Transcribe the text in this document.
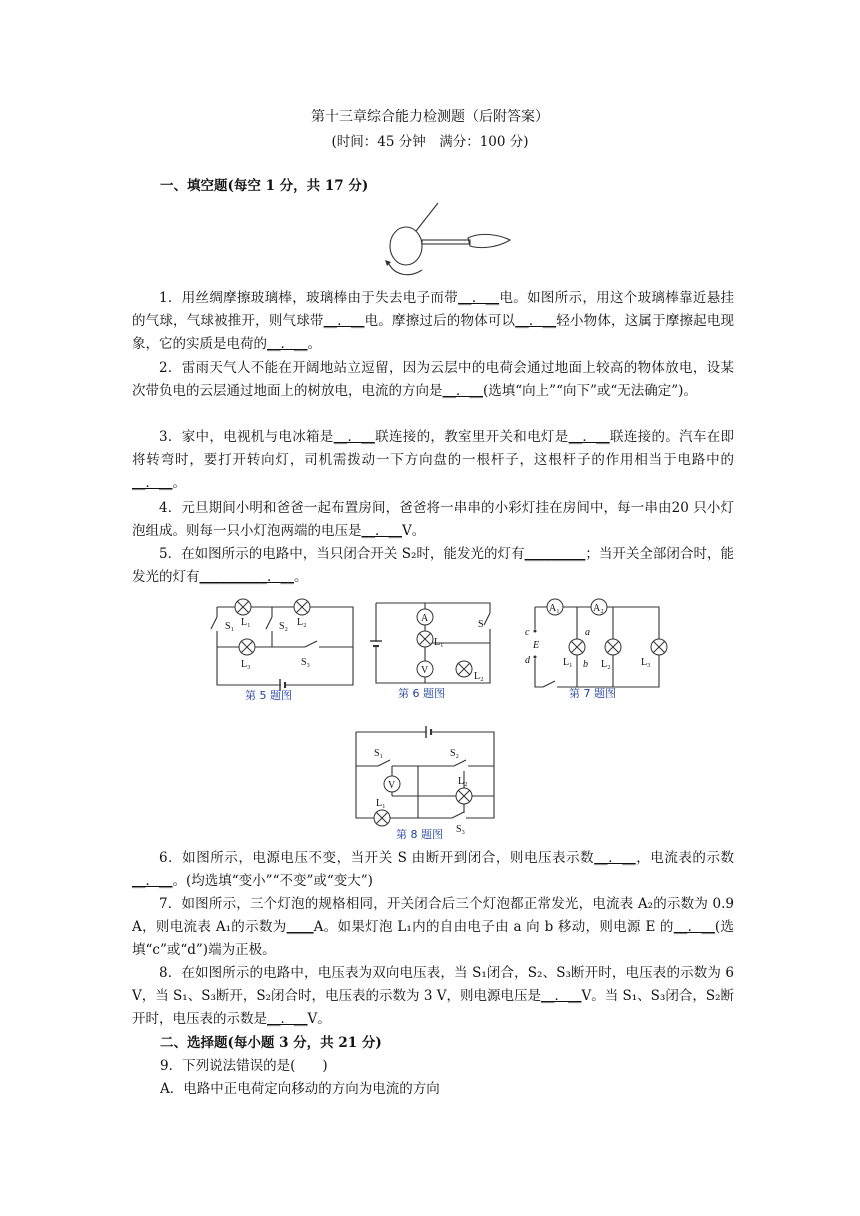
第十三章综合能力检测题（后附答案）
(时间：45 分钟　满分：100 分)
一、填空题(每空 1 分，共 17 分)
1．用丝绸摩擦玻璃棒，玻璃棒由于失去电子而带__．__电。如图所示，用这个玻璃棒靠近悬挂的气球，气球被推开，则气球带__．__电。摩擦过后的物体可以__．__轻小物体，这属于摩擦起电现象，它的实质是电荷的__．__。
2．雷雨天气人不能在开阔地站立逗留，因为云层中的电荷会通过地面上较高的物体放电，设某次带负电的云层通过地面上的树放电，电流的方向是__．__(选填“向上”“向下”或“无法确定”)。
3．家中，电视机与电冰箱是__．__联连接的，教室里开关和电灯是__．__联连接的。汽车在即将转弯时，要打开转向灯，司机需拨动一下方向盘的一根杆子，这根杆子的作用相当于电路中的__．__。
4．元旦期间小明和爸爸一起布置房间，爸爸将一串串的小彩灯挂在房间中，每一串由20 只小灯泡组成。则每一只小灯泡两端的电压是__．__V。
5．在如图所示的电路中，当只闭合开关 S₂时，能发光的灯有_________；当开关全部闭合时，能发光的灯有__________．__。
S₁ L₁	S₂ L₂
L₃	S₃
第 5 题图
A
V
L₁
L₂
S
第 6 题图
A₁	A₂
c
E
d
a
b
L₁	L₂	L₃
第 7 题图
V
S₁	S₂
L₂
L₁
S₃
第 8 题图
6．如图所示，电源电压不变，当开关 S 由断开到闭合，则电压表示数__．__，电流表的示数__．__。(均选填“变小”“不变”或“变大”)
7．如图所示，三个灯泡的规格相同，开关闭合后三个灯泡都正常发光，电流表 A₂的示数为 0.9 A，则电流表 A₁的示数为____A。如果灯泡 L₁内的自由电子由 a 向 b 移动，则电源 E 的__．__(选填“c”或“d”)端为正极。
8．在如图所示的电路中，电压表为双向电压表，当 S₁闭合，S₂、S₃断开时，电压表的示数为 6 V，当 S₁、S₃断开，S₂闭合时，电压表的示数为 3 V，则电源电压是__．__V。当 S₁、S₃闭合，S₂断开时，电压表的示数是__．__V。
二、选择题(每小题 3 分，共 21 分)
9．下列说法错误的是(　　)
A．电路中正电荷定向移动的方向为电流的方向
